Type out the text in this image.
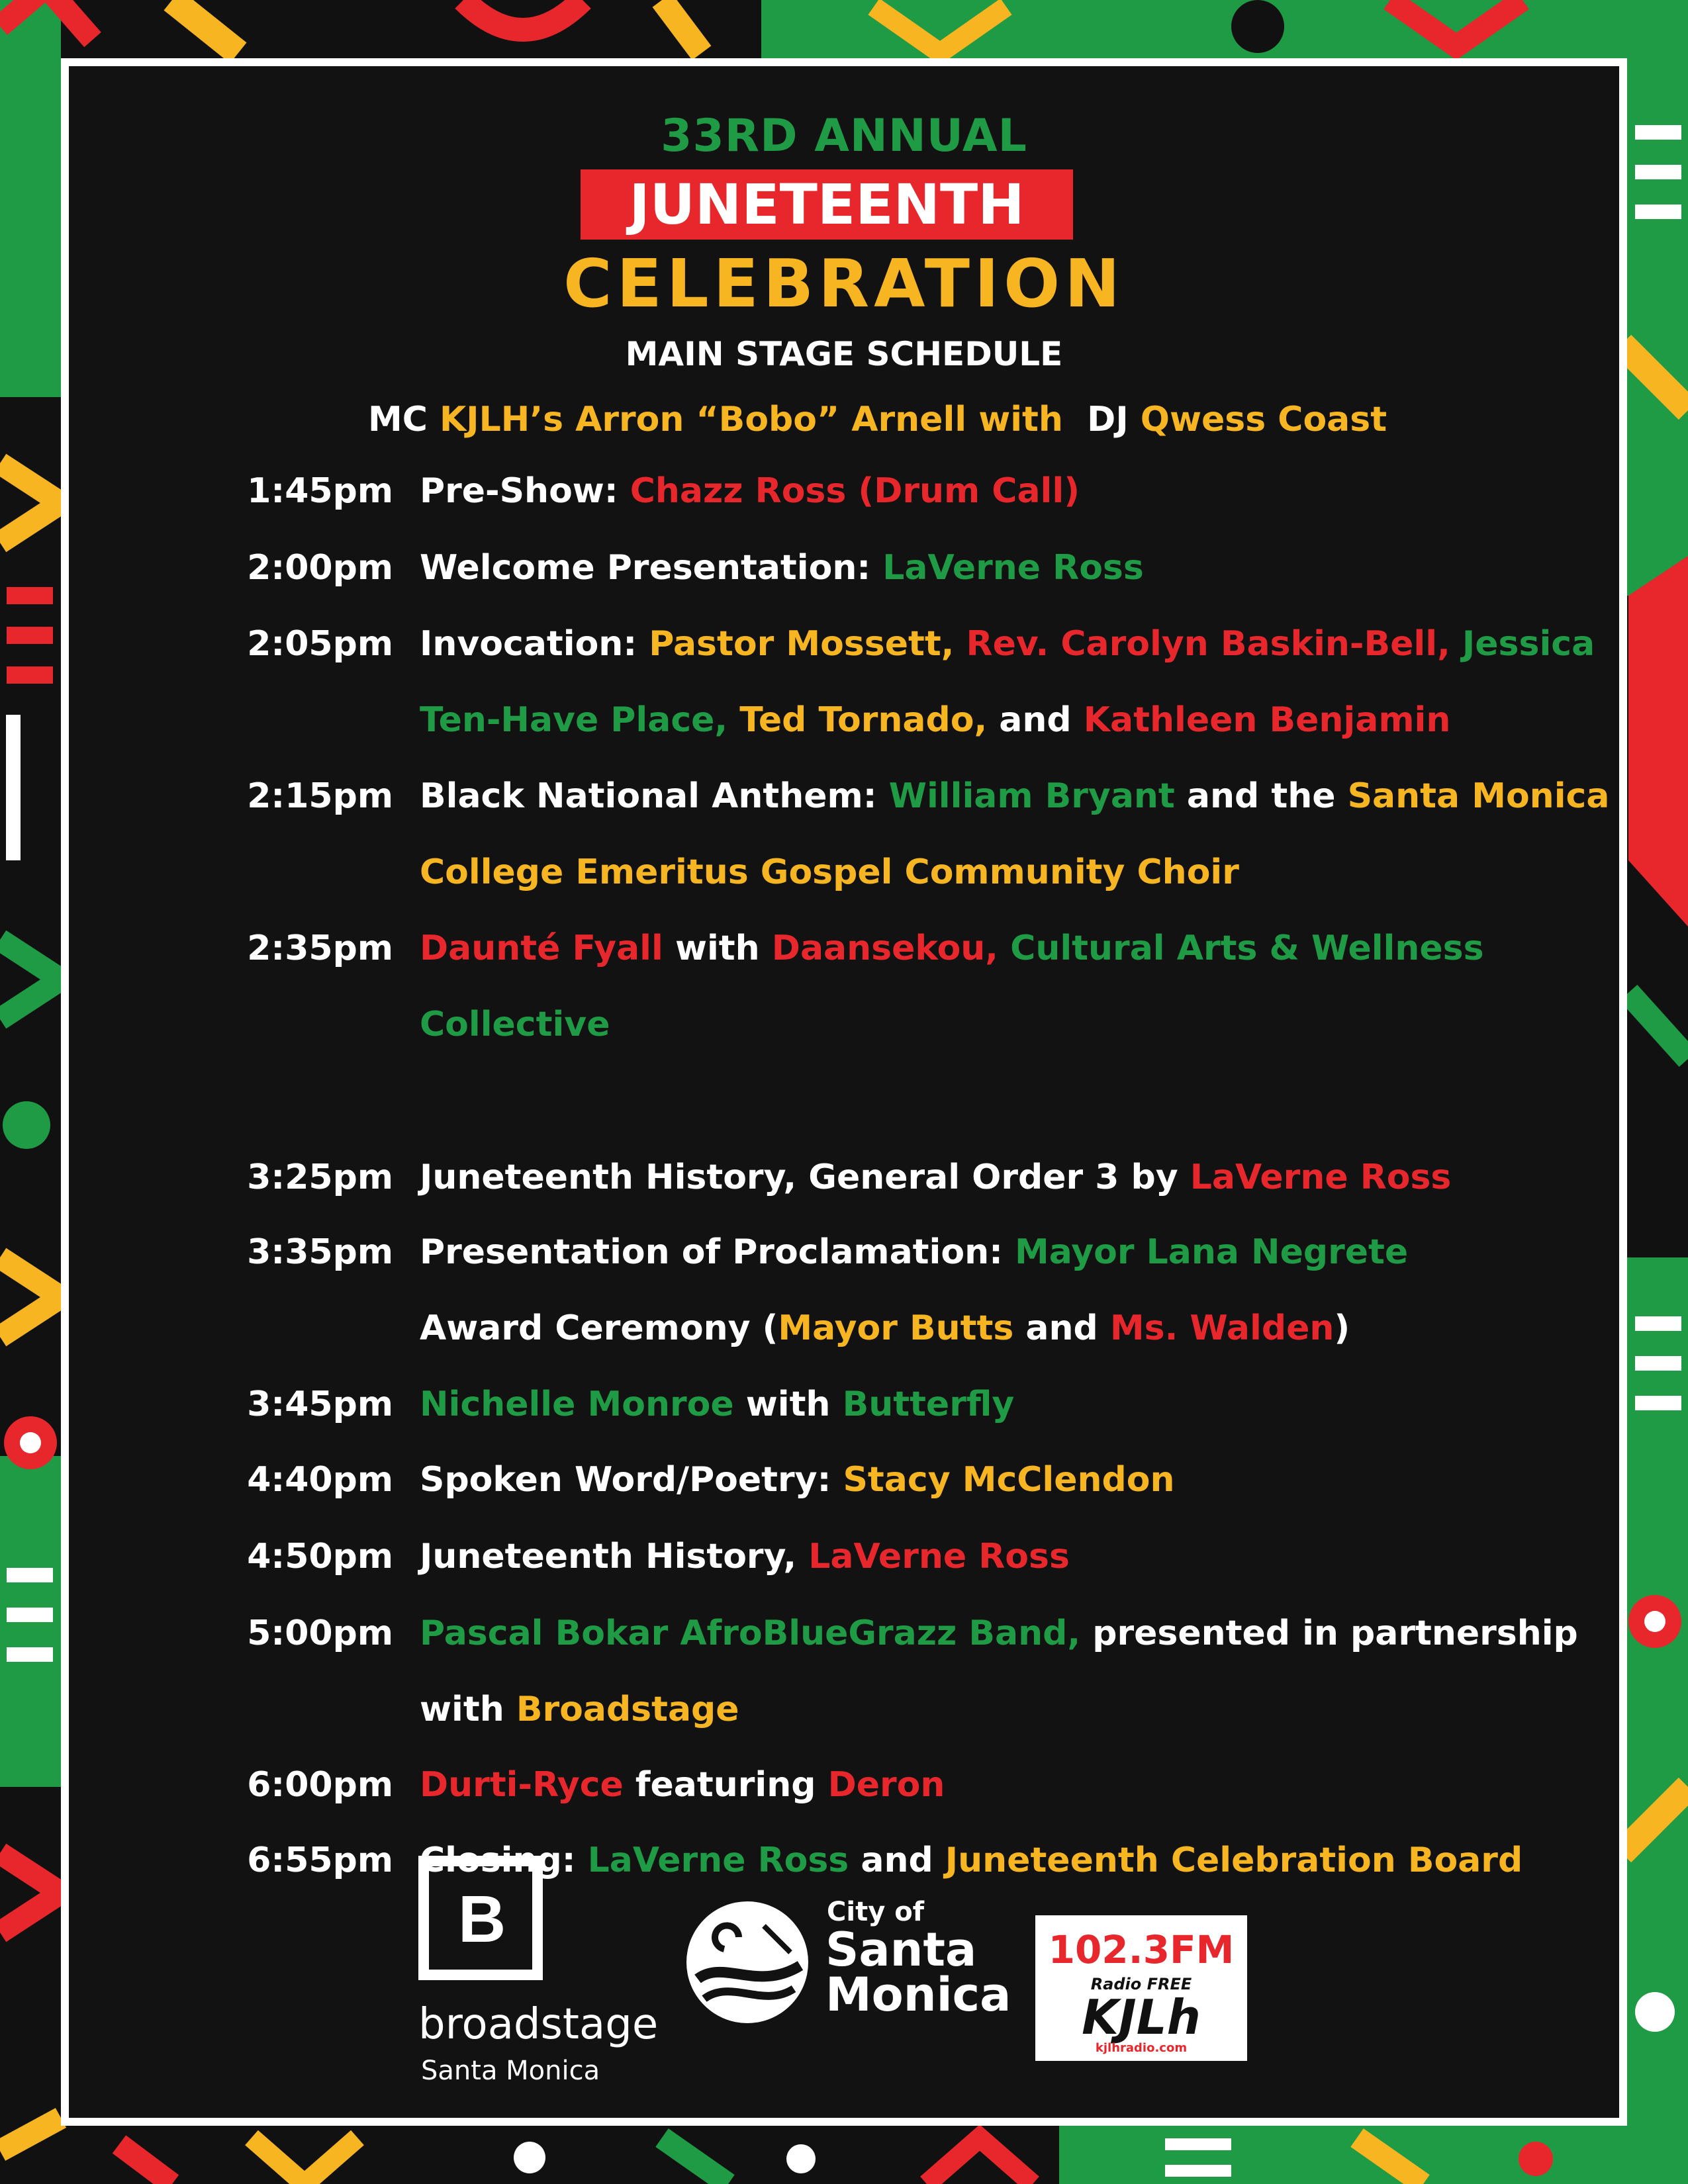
33RD ANNUAL
JUNETEENTH
CELEBRATION
MAIN STAGE SCHEDULE
MC KJLH’s Arron “Bobo” Arnell with DJ Qwess Coast
1:45pm Pre-Show: Chazz Ross (Drum Call)
2:00pm Welcome Presentation: LaVerne Ross
2:05pm Invocation: Pastor Mossett, Rev. Carolyn Baskin-Bell, Jessica
Ten-Have Place, Ted Tornado, and Kathleen Benjamin
2:15pm Black National Anthem: William Bryant and the Santa Monica
College Emeritus Gospel Community Choir
2:35pm Daunté Fyall with Daansekou, Cultural Arts & Wellness
Collective
3:25pm Juneteenth History, General Order 3 by LaVerne Ross
3:35pm Presentation of Proclamation: Mayor Lana Negrete
Award Ceremony (Mayor Butts and Ms. Walden)
3:45pm Nichelle Monroe with Butterfly
4:40pm Spoken Word/Poetry: Stacy McClendon
4:50pm Juneteenth History, LaVerne Ross
5:00pm Pascal Bokar AfroBlueGrazz Band, presented in partnership
with Broadstage
6:00pm Durti-Ryce featuring Deron
6:55pm Closing: LaVerne Ross and Juneteenth Celebration Board
B
broadstage
Santa Monica
City of
Santa
Monica
102.3FM
Radio FREE
KJLh
kjlhradio.com
